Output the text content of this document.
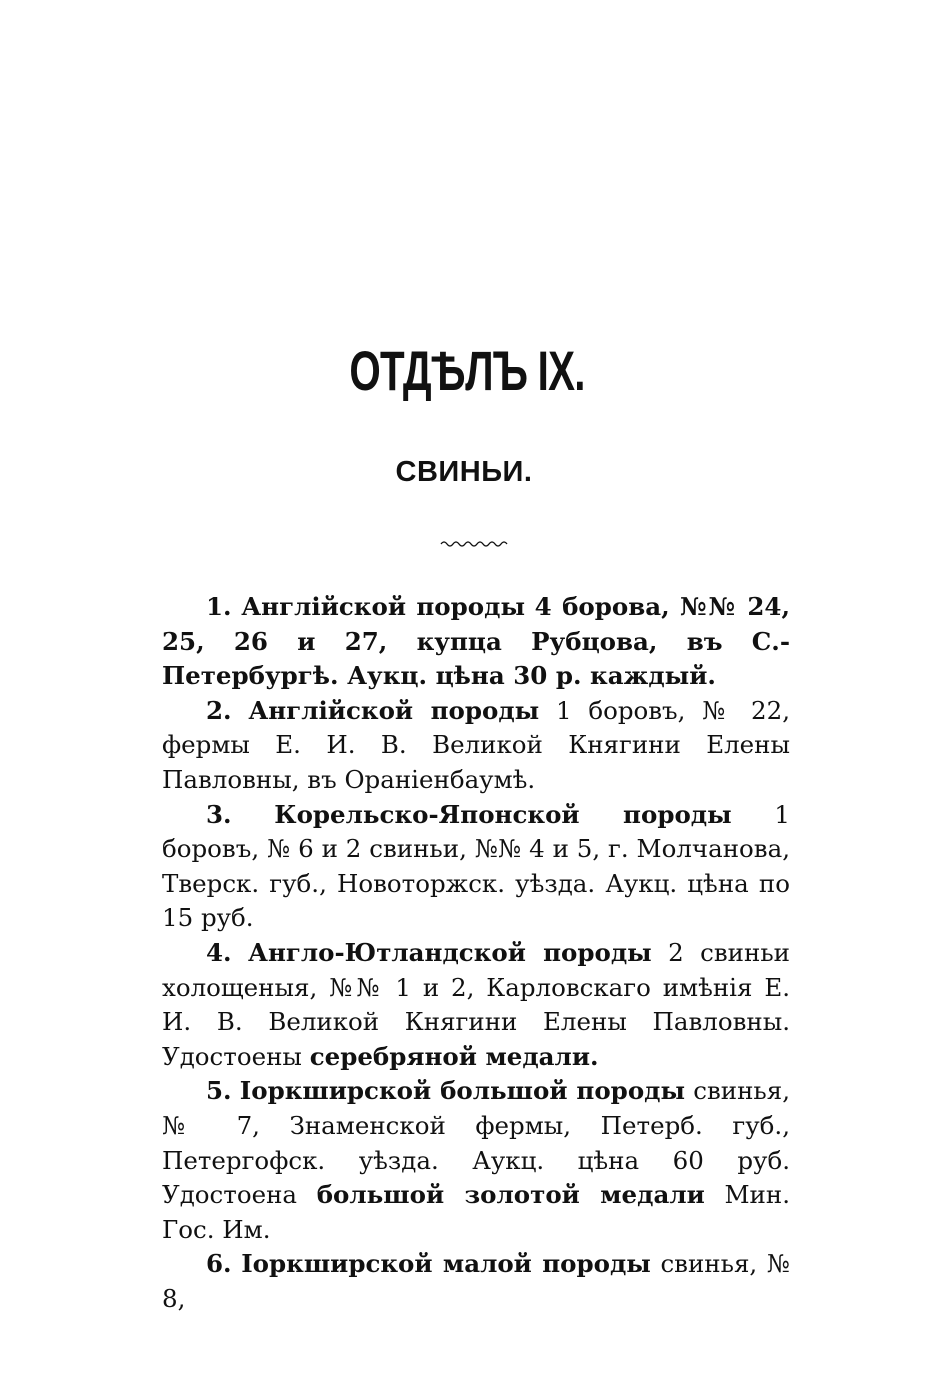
ОТДѢЛЪ IX.
СВИНЬИ.

1. Англійской породы 4 борова, №№ 24, 25, 26 и 27, купца Рубцова, въ С.-Петербургѣ. Аукц. цѣна 30 р. каждый.

2. Англійской породы 1 боровъ, № 22, фермы Е. И. В. Великой Княгини Елены Павловны, въ Ораніенбаумѣ.

3. Корельско-Японской породы 1 боровъ, № 6 и 2 свиньи, №№ 4 и 5, г. Молчанова, Тверск. губ., Новоторжск. уѣзда. Аукц. цѣна по 15 руб.

4. Англо-Ютландской породы 2 свиньи холощеныя, №№ 1 и 2, Карловскаго имѣнія Е. И. В. Великой Княгини Елены Павловны. Удостоены серебряной медали.

5. Іоркширской большой породы свинья, № 7, Знаменской фермы, Петерб. губ., Петергофск. уѣзда. Аукц. цѣна 60 руб. Удостоена большой золотой медали Мин. Гос. Им.

6. Іоркширской малой породы свинья, № 8,
